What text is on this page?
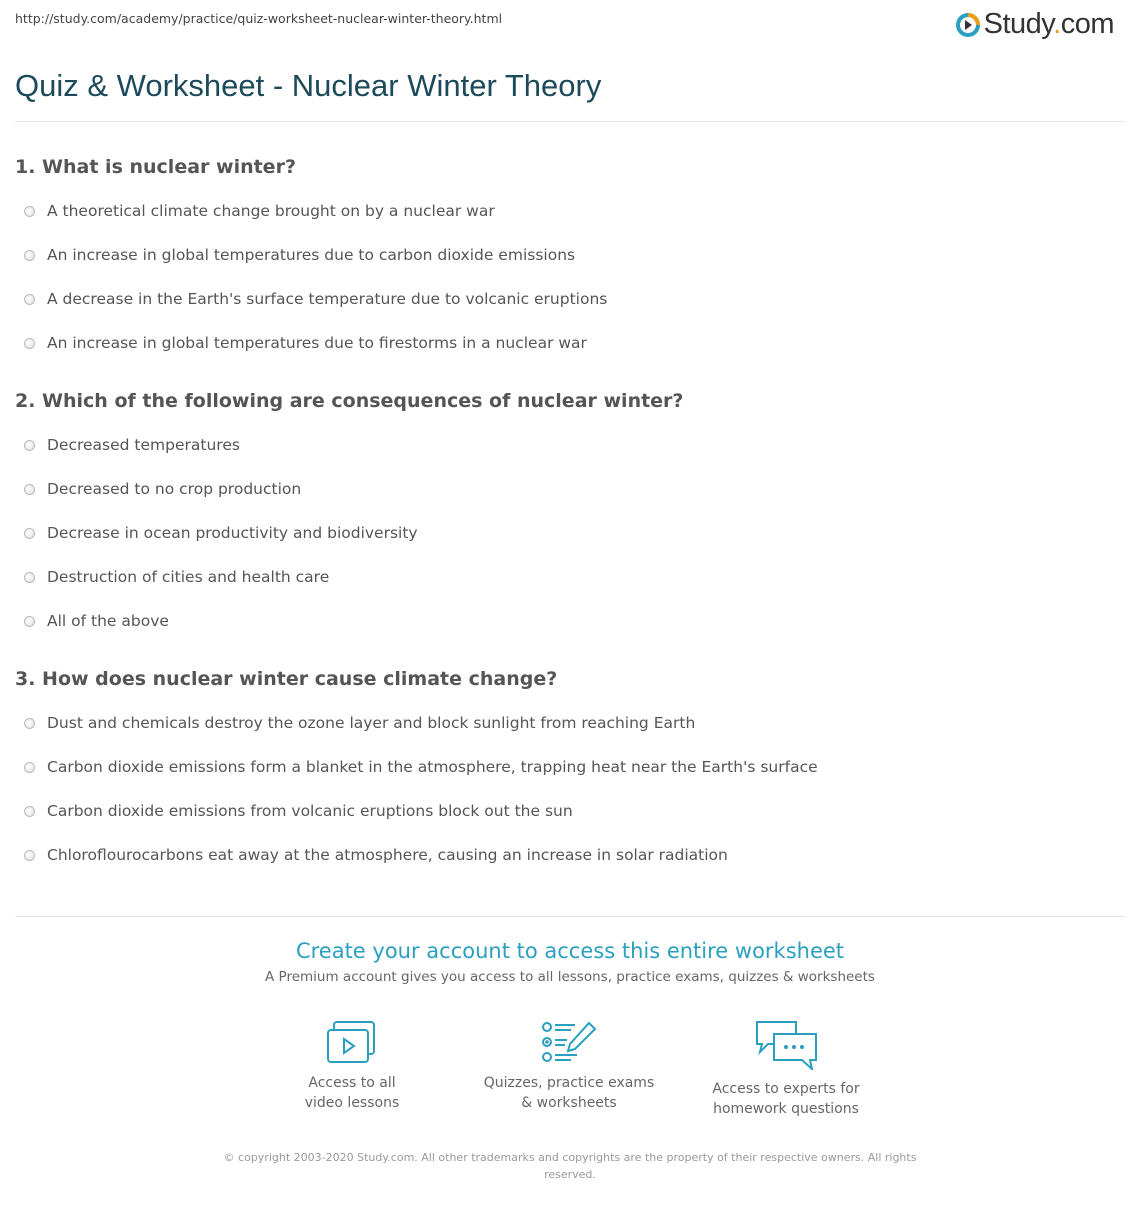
http://study.com/academy/practice/quiz-worksheet-nuclear-winter-theory.html	Study.com
Quiz & Worksheet - Nuclear Winter Theory
1. What is nuclear winter?
A theoretical climate change brought on by a nuclear war
An increase in global temperatures due to carbon dioxide emissions
A decrease in the Earth's surface temperature due to volcanic eruptions
An increase in global temperatures due to firestorms in a nuclear war
2. Which of the following are consequences of nuclear winter?
Decreased temperatures
Decreased to no crop production
Decrease in ocean productivity and biodiversity
Destruction of cities and health care
All of the above
3. How does nuclear winter cause climate change?
Dust and chemicals destroy the ozone layer and block sunlight from reaching Earth
Carbon dioxide emissions form a blanket in the atmosphere, trapping heat near the Earth's surface
Carbon dioxide emissions from volcanic eruptions block out the sun
Chloroflourocarbons eat away at the atmosphere, causing an increase in solar radiation
Create your account to access this entire worksheet
A Premium account gives you access to all lessons, practice exams, quizzes & worksheets
Access to all
video lessons
Quizzes, practice exams
& worksheets
Access to experts for
homework questions
© copyright 2003-2020 Study.com. All other trademarks and copyrights are the property of their respective owners. All rights reserved.
